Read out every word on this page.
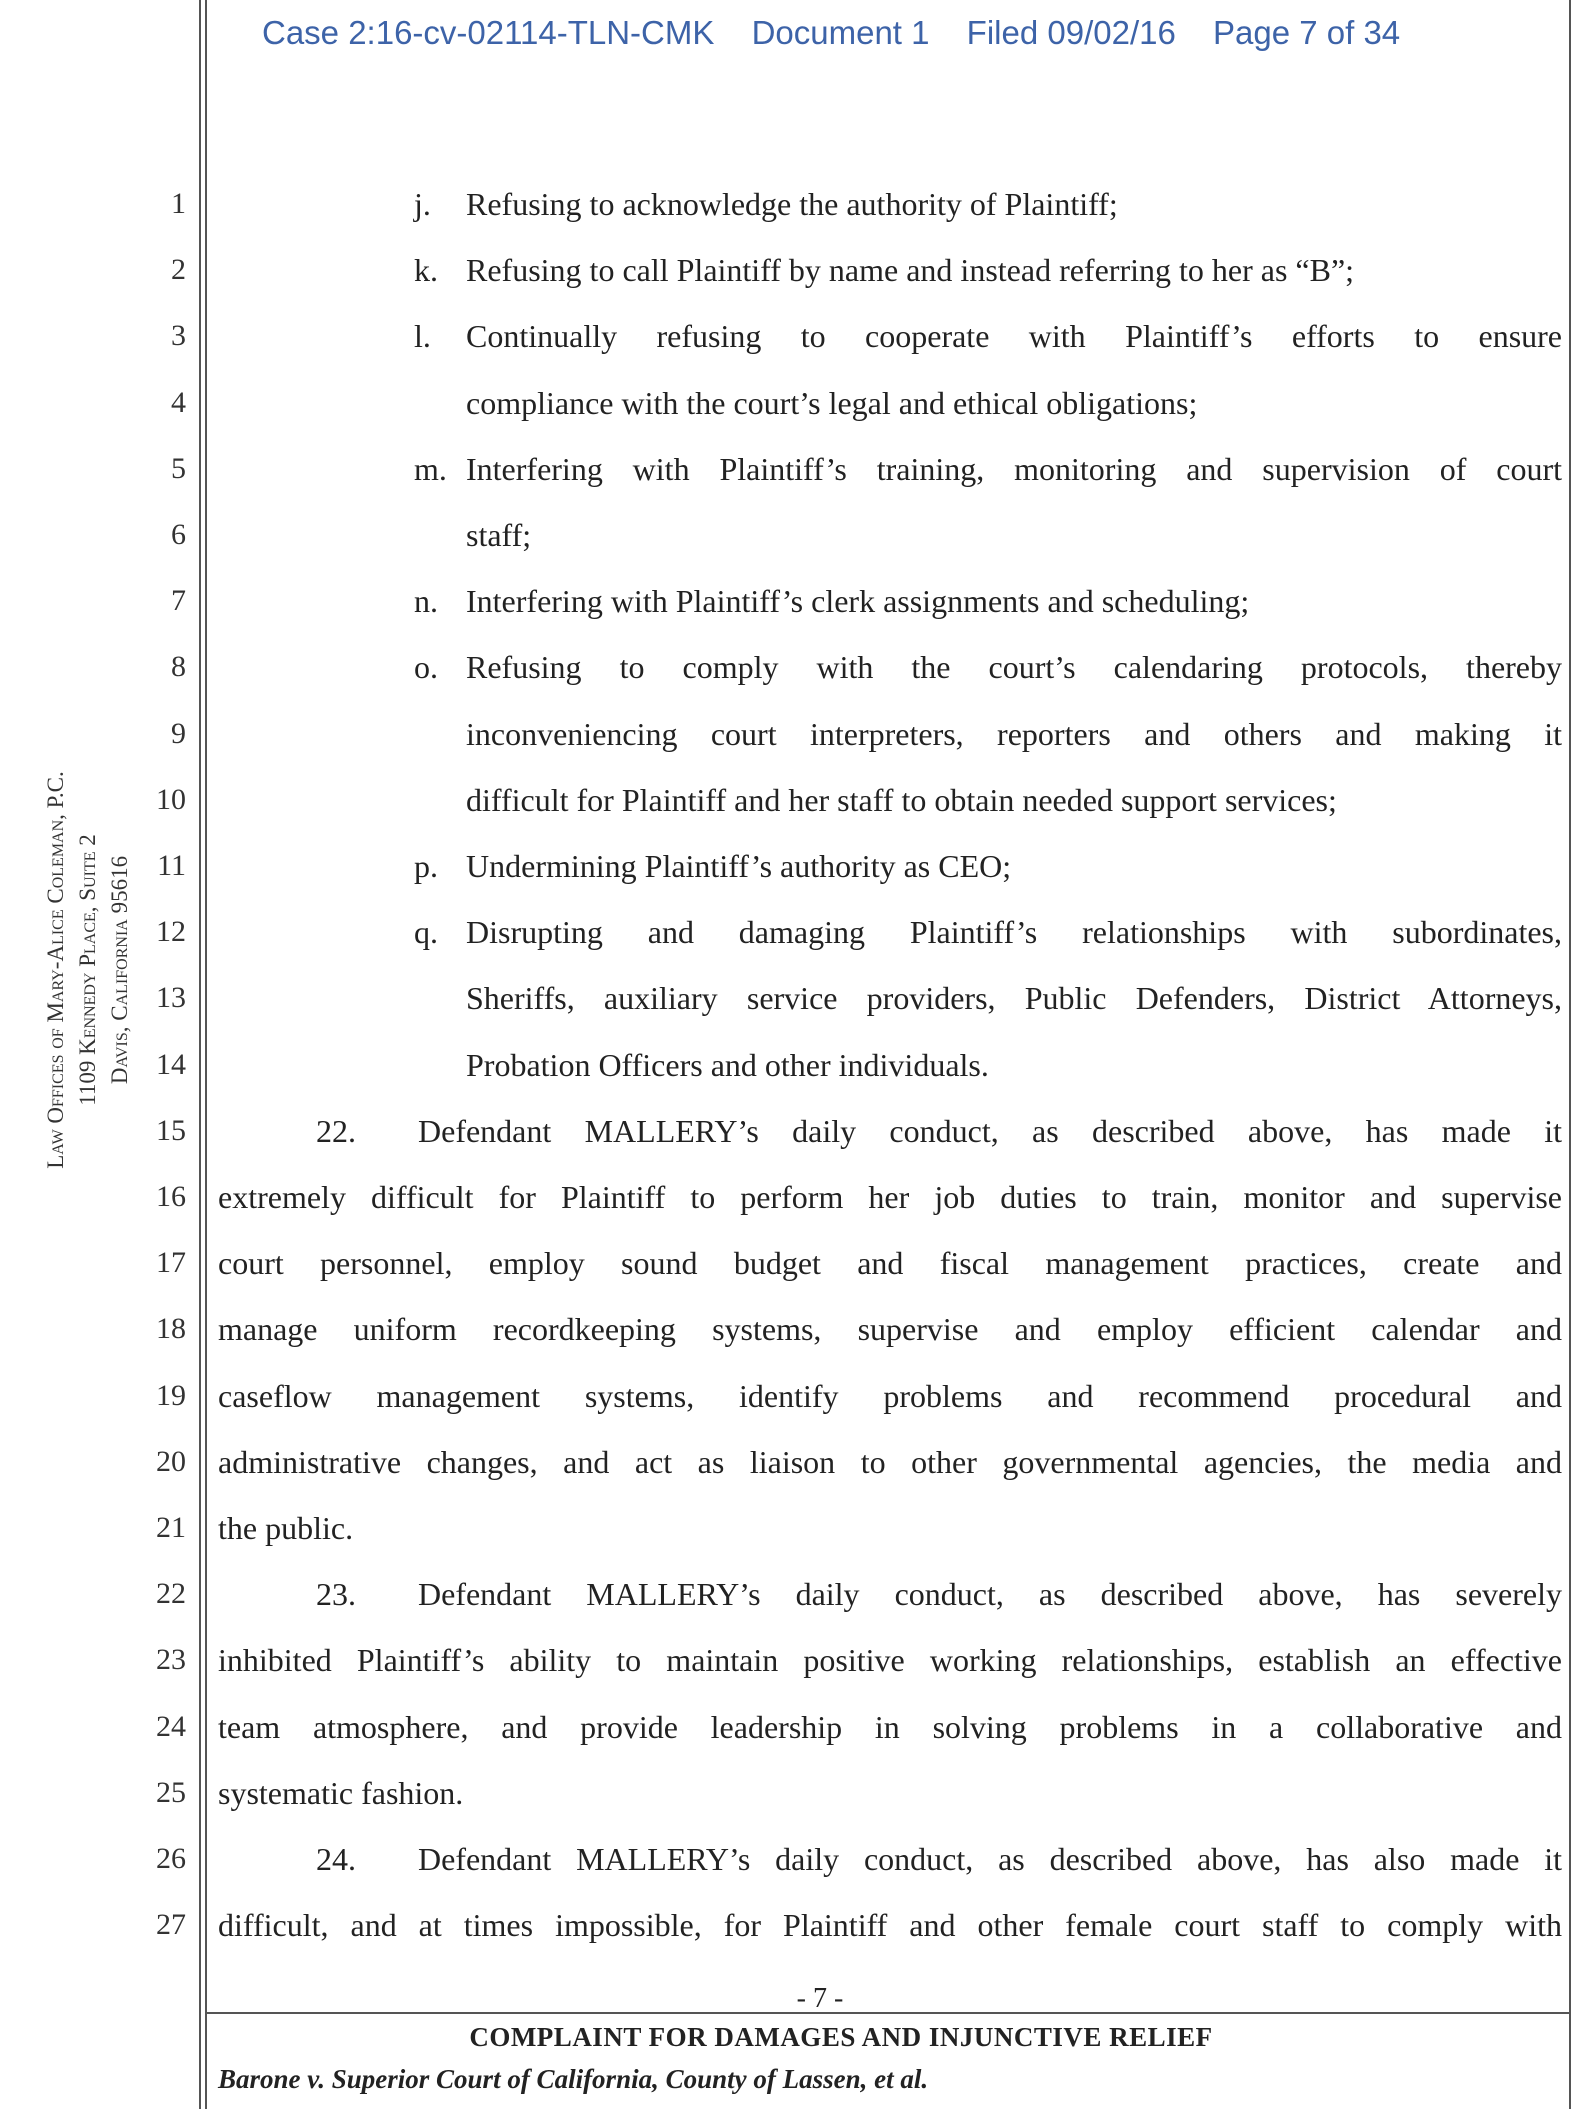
Case 2:16-cv-02114-TLN-CMK Document 1 Filed 09/02/16 Page 7 of 34
Law Offices of Mary-Alice Coleman, P.C. 1109 Kennedy Place, Suite 2 Davis, California 95616
1
2
3
4
5
6
7
8
9
10
11
12
13
14
15
16
17
18
19
20
21
22
23
24
25
26
27
j. Refusing to acknowledge the authority of Plaintiff;
k. Refusing to call Plaintiff by name and instead referring to her as “B”;
l. Continually refusing to cooperate with Plaintiff’s efforts to ensure
compliance with the court’s legal and ethical obligations;
m. Interfering with Plaintiff’s training, monitoring and supervision of court
staff;
n. Interfering with Plaintiff’s clerk assignments and scheduling;
o. Refusing to comply with the court’s calendaring protocols, thereby
inconveniencing court interpreters, reporters and others and making it
difficult for Plaintiff and her staff to obtain needed support services;
p. Undermining Plaintiff’s authority as CEO;
q. Disrupting and damaging Plaintiff’s relationships with subordinates,
Sheriffs, auxiliary service providers, Public Defenders, District Attorneys,
Probation Officers and other individuals.
22. Defendant MALLERY’s daily conduct, as described above, has made it
extremely difficult for Plaintiff to perform her job duties to train, monitor and supervise
court personnel, employ sound budget and fiscal management practices, create and
manage uniform recordkeeping systems, supervise and employ efficient calendar and
caseflow management systems, identify problems and recommend procedural and
administrative changes, and act as liaison to other governmental agencies, the media and
the public.
23. Defendant MALLERY’s daily conduct, as described above, has severely
inhibited Plaintiff’s ability to maintain positive working relationships, establish an effective
team atmosphere, and provide leadership in solving problems in a collaborative and
systematic fashion.
24. Defendant MALLERY’s daily conduct, as described above, has also made it
difficult, and at times impossible, for Plaintiff and other female court staff to comply with
- 7 -
COMPLAINT FOR DAMAGES AND INJUNCTIVE RELIEF
Barone v. Superior Court of California, County of Lassen, et al.
